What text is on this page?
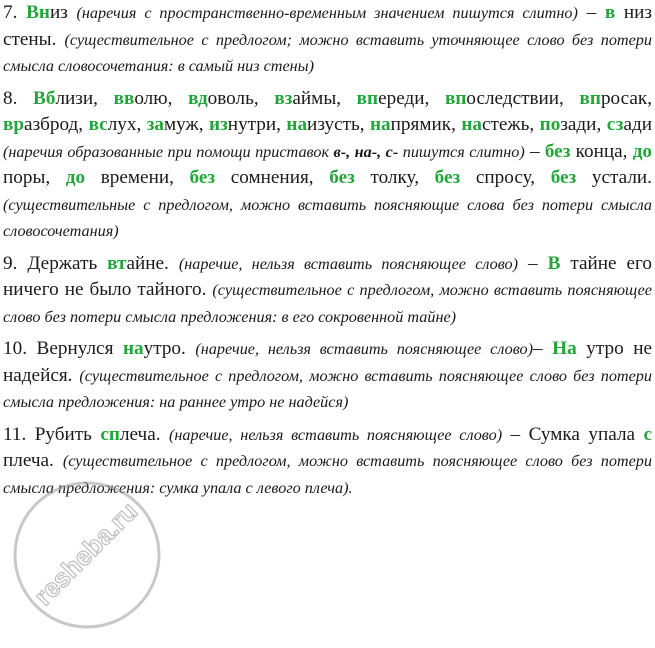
7. Вниз (наречия с пространственно-временным значением пишутся слитно) – в низ стены. (существительное с предлогом; можно вставить уточняющее слово без потери смысла словосочетания: в самый низ стены)

8. Вблизи, вволю, вдоволь, взаймы, впереди, впоследствии, впросак, вразброд, вслух, замуж, изнутри, наизусть, напрямик, настежь, позади, сзади (наречия образованные при помощи приставок в-, на-, с- пишутся слитно) – без конца, до поры, до времени, без сомнения, без толку, без спросу, без устали. (существительные с предлогом, можно вставить поясняющие слова без потери смысла словосочетания)

9. Держать втайне. (наречие, нельзя вставить поясняющее слово) – В тайне его ничего не было тайного. (существительное с предлогом, можно вставить поясняющее слово без потери смысла предложения: в его сокровенной тайне)

10. Вернулся наутро. (наречие, нельзя вставить поясняющее слово)– На утро не надейся. (существительное с предлогом, можно вставить поясняющее слово без потери смысла предложения: на раннее утро не надейся)

11. Рубить сплеча. (наречие, нельзя вставить поясняющее слово) – Сумка упала с плеча. (существительное с предлогом, можно вставить поясняющее слово без потери смысла предложения: сумка упала с левого плеча).

resheba.ru
